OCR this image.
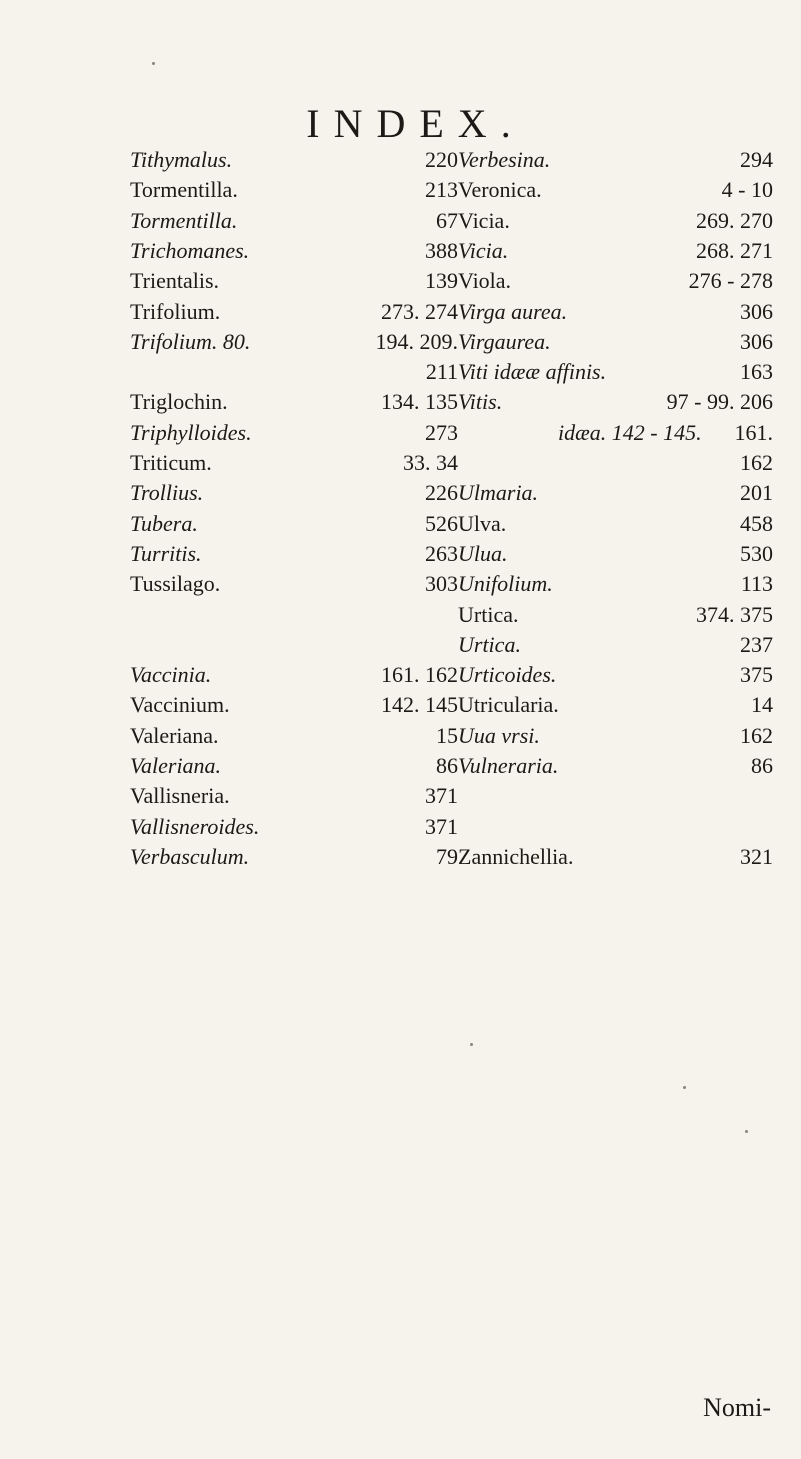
INDEX.
Tithymalus.	220
Tormentilla.	213
Tormentilla.	67
Trichomanes.	388
Trientalis.	139
Trifolium.	273. 274
Trifolium. 80.	194. 209.
211
Triglochin.	134. 135
Triphylloides.	273
Triticum.	33. 34
Trollius.	226
Tubera.	526
Turritis.	263
Tussilago.	303
Vaccinia.	161. 162
Vaccinium.	142. 145
Valeriana.	15
Valeriana.	86
Vallisneria.	371
Vallisneroides.	371
Verbasculum.	79
Verbesina.	294
Veronica.	4 - 10
Vicia.	269. 270
Vicia.	268. 271
Viola.	276 - 278
Virga aurea.	306
Virgaurea.	306
Viti idææ affinis.	163
Vitis.	97 - 99. 206
idæa. 142 - 145. 161.
162
Ulmaria.	201
Ulva.	458
Ulua.	530
Unifolium.	113
Urtica.	374. 375
Urtica.	237
Urticoides.	375
Utricularia.	14
Uua vrsi.	162
Vulneraria.	86
Zannichellia.	321
Nomi-
